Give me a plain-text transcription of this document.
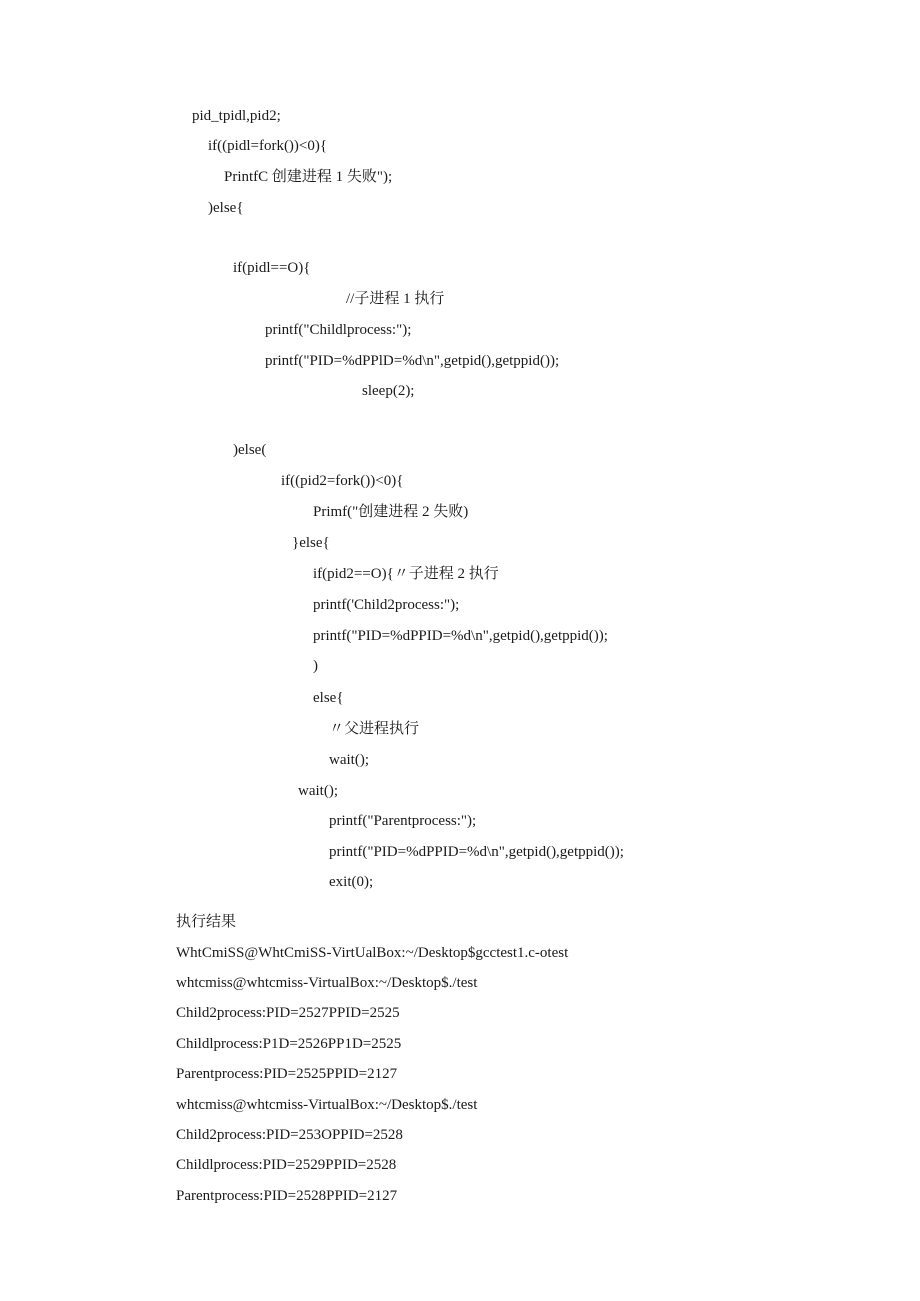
pid_tpidl,pid2;
if((pidl=fork())<0){
PrintfC 创建进程 1 失败");
)else{
if(pidl==O){
//子进程 1 执行
printf("Childlprocess:");
printf("PID=%dPPlD=%d\n",getpid(),getppid());
sleep(2);
)else(
if((pid2=fork())<0){
Primf("创建进程 2 失败)
}else{
if(pid2==O){〃子进程 2 执行
printf('Child2process:");
printf("PID=%dPPID=%d\n",getpid(),getppid());
)
else{
〃父进程执行
wait();
wait();
printf("Parentprocess:");
printf("PID=%dPPID=%d\n",getpid(),getppid());
exit(0);
执行结果
WhtCmiSS@WhtCmiSS-VirtUalBox:~/Desktop$gcctest1.c-otest
whtcmiss@whtcmiss-VirtualBox:~/Desktop$./test
Child2process:PID=2527PPID=2525
Childlprocess:P1D=2526PP1D=2525
Parentprocess:PID=2525PPID=2127
whtcmiss@whtcmiss-VirtualBox:~/Desktop$./test
Child2process:PID=253OPPID=2528
Childlprocess:PID=2529PPID=2528
Parentprocess:PID=2528PPID=2127
